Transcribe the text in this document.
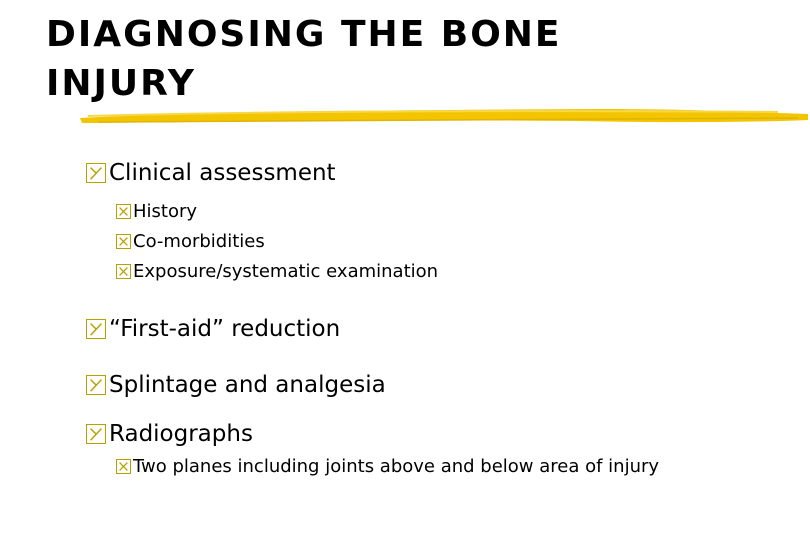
DIAGNOSING THE BONE
INJURY
Clinical assessment
History
Co-morbidities
Exposure/systematic examination
“First-aid” reduction
Splintage and analgesia
Radiographs
Two planes including joints above and below area of injury
